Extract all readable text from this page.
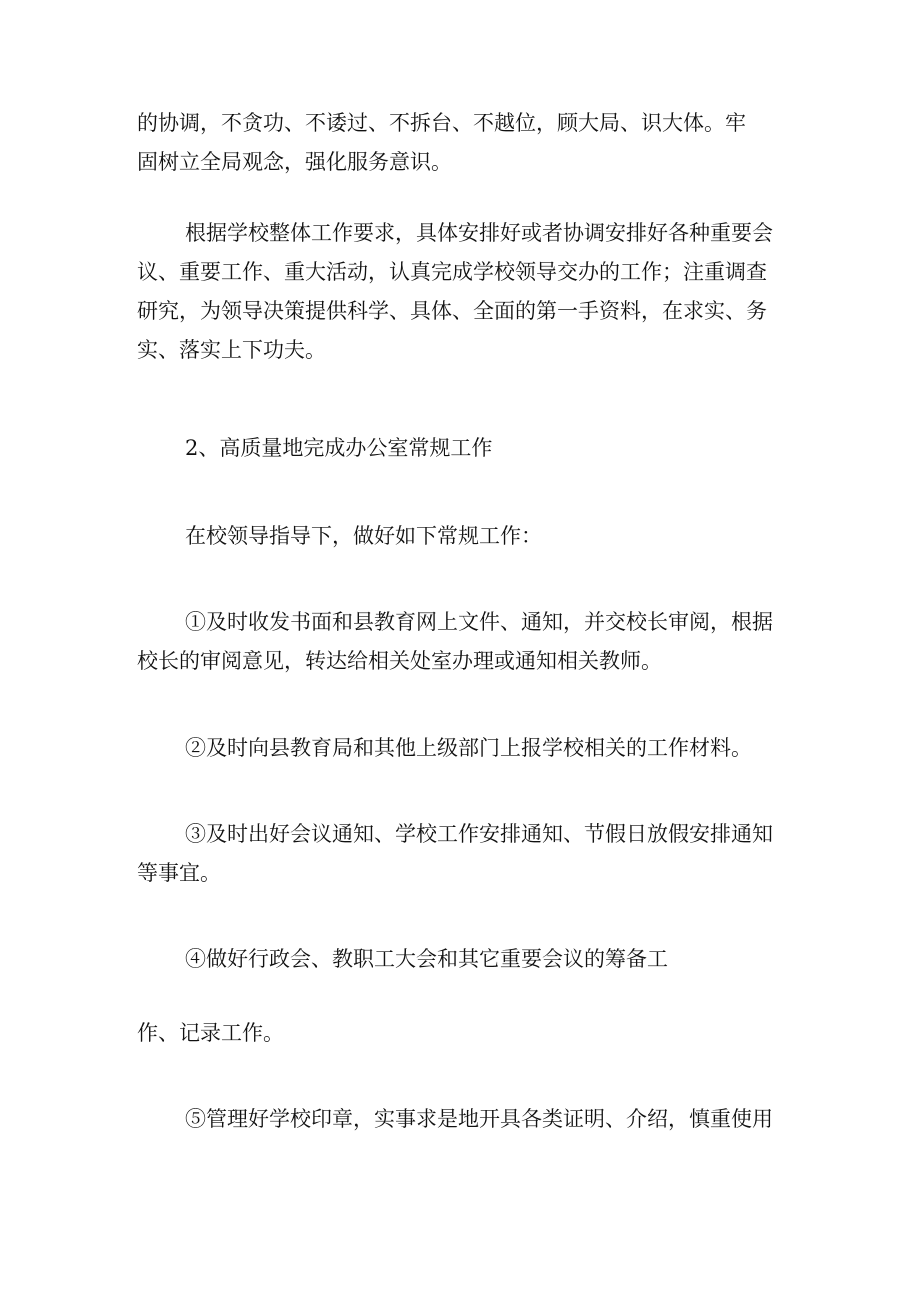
的协调，不贪功、不诿过、不拆台、不越位，顾大局、识大体。牢
固树立全局观念，强化服务意识。

根据学校整体工作要求，具体安排好或者协调安排好各种重要会
议、重要工作、重大活动，认真完成学校领导交办的工作；注重调查
研究，为领导决策提供科学、具体、全面的第一手资料，在求实、务
实、落实上下功夫。

2、高质量地完成办公室常规工作

在校领导指导下，做好如下常规工作：

①及时收发书面和县教育网上文件、通知，并交校长审阅，根据
校长的审阅意见，转达给相关处室办理或通知相关教师。

②及时向县教育局和其他上级部门上报学校相关的工作材料。

③及时出好会议通知、学校工作安排通知、节假日放假安排通知
等事宜。

④做好行政会、教职工大会和其它重要会议的筹备工

作、记录工作。

⑤管理好学校印章，实事求是地开具各类证明、介绍，慎重使用
